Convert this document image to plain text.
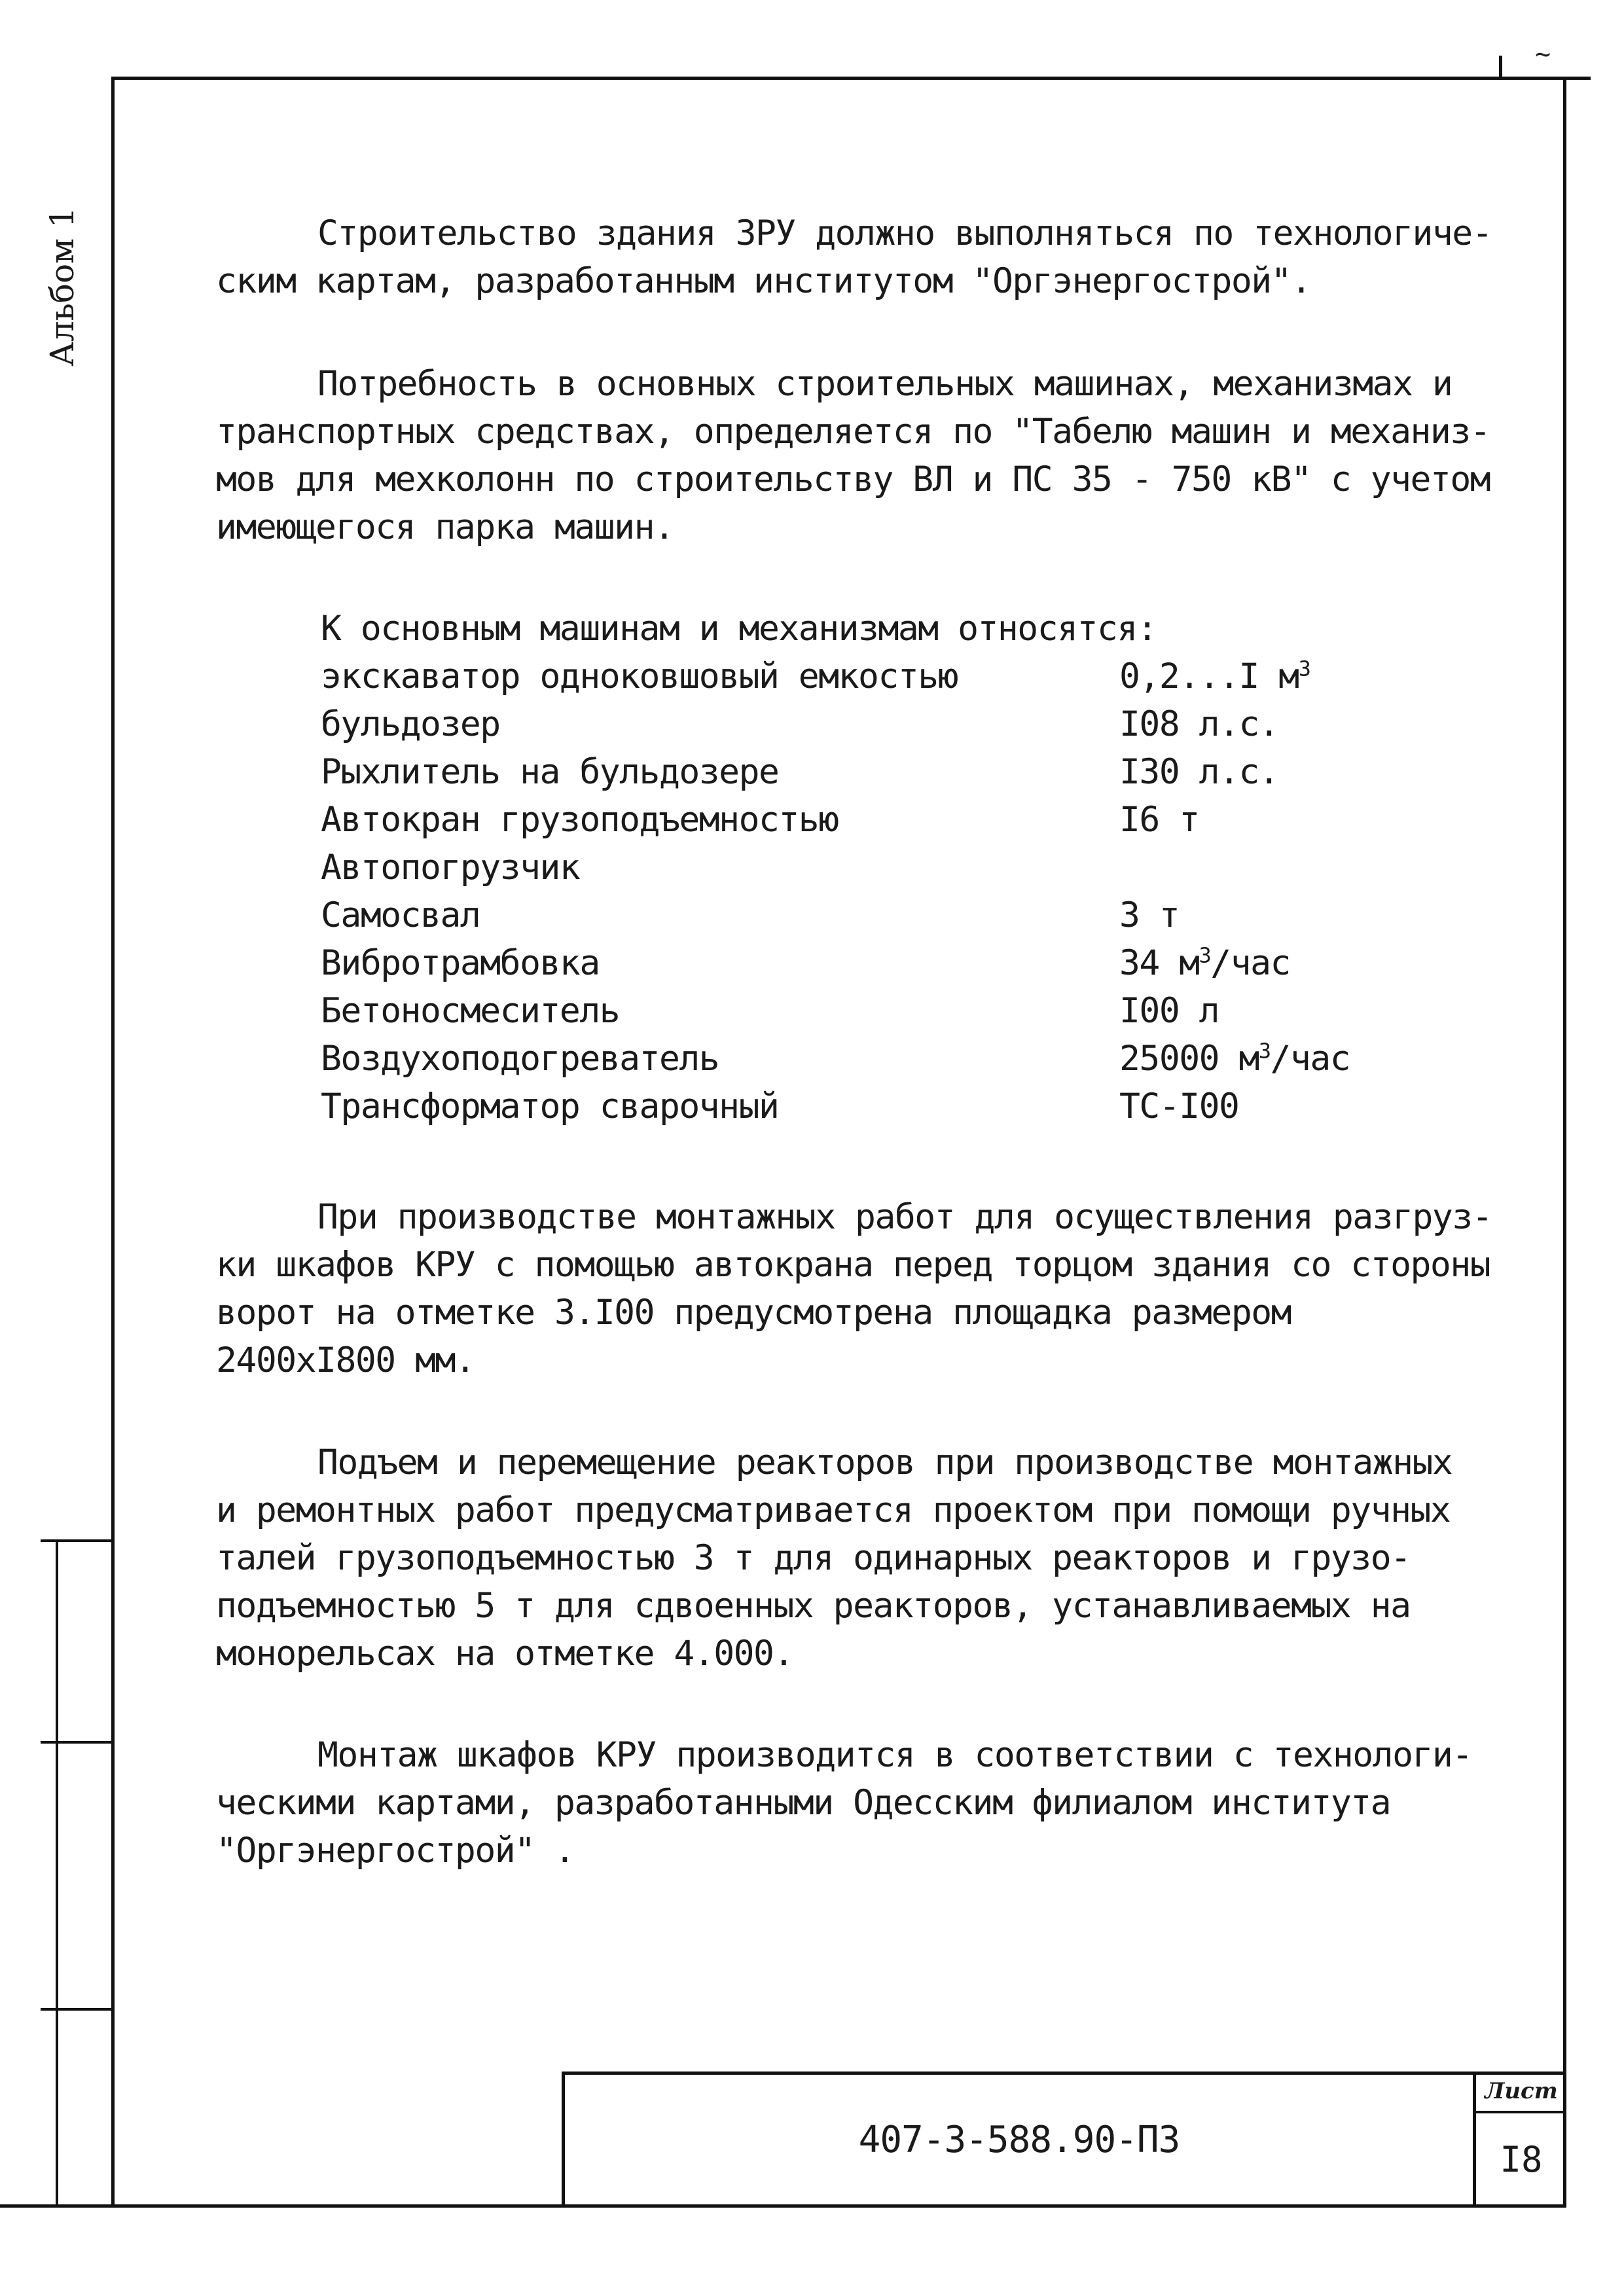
~
Альбом 1	Строительство здания ЗРУ должно выполняться по технологиче-

ским картам, разработанным институтом "Оргэнергострой".

Потребность в основных строительных машинах, механизмах и

транспортных средствах, определяется по "Табелю машин и механиз-

мов для мехколонн по строительству ВЛ и ПС 35 - 750 кВ" с учетом

имеющегося парка машин.

К основным машинам и механизмам относятся:
экскаватор одноковшовый емкостью	0,2...I $м^3$
бульдозер	I08 л.с.
Рыхлитель на бульдозере	I30 л.с.
Автокран грузоподъемностью	I6 т
Автопогрузчик
Самосвал	3 т
Вибротрамбовка	34 $м^3$/час
Бетоносмеситель	I00 л
Воздухоподогреватель	25000 $м^3$/час
Трансформатор сварочный	ТС-I00

При производстве монтажных работ для осуществления разгруз-

ки шкафов КРУ с помощью автокрана перед торцом здания со стороны

ворот на отметке 3.I00 предусмотрена площадка размером

2400хI800 мм.

Подъем и перемещение реакторов при производстве монтажных

и ремонтных работ предусматривается проектом при помощи ручных

талей грузоподъемностью 3 т для одинарных реакторов и грузо-

подъемностью 5 т для сдвоенных реакторов, устанавливаемых на

монорельсах на отметке 4.000.

Монтаж шкафов КРУ производится в соответствии с технологи-

ческими картами, разработанными Одесским филиалом института

"Оргэнергострой" .

407-3-588.90-ПЗ
Лист
I8
